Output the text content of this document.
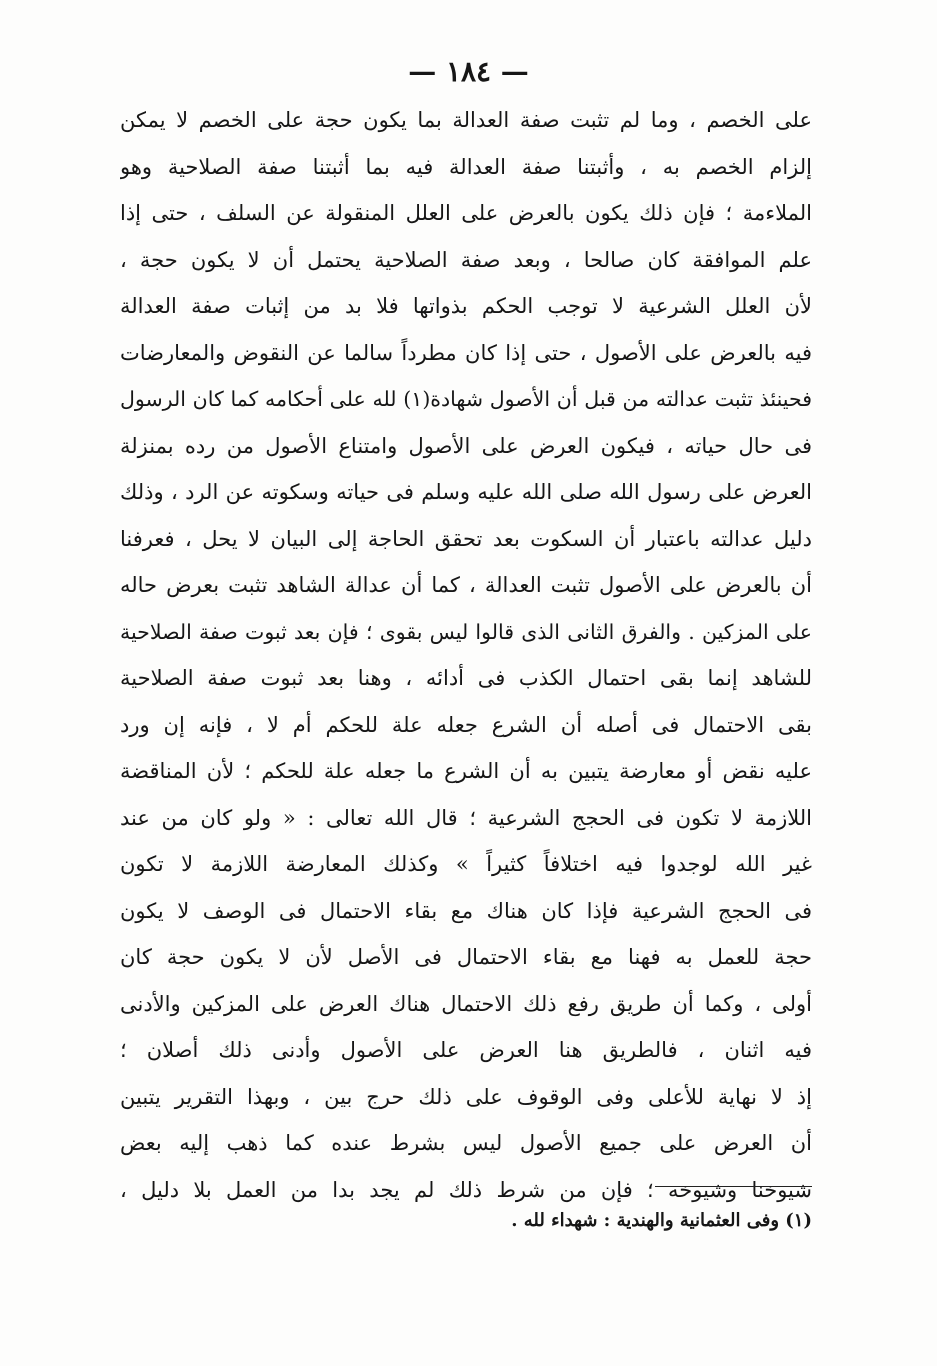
— ١٨٤ —
على الخصم ، وما لم تثبت صفة العدالة بما يكون حجة على الخصم لا يمكن
إلزام الخصم به ، وأثبتنا صفة العدالة فيه بما أثبتنا صفة الصلاحية وهو
الملاءمة ؛ فإن ذلك يكون بالعرض على العلل المنقولة عن السلف ، حتى إذا
علم الموافقة كان صالحا ، وبعد صفة الصلاحية يحتمل أن لا يكون حجة ،
لأن العلل الشرعية لا توجب الحكم بذواتها فلا بد من إثبات صفة العدالة
فيه بالعرض على الأصول ، حتى إذا كان مطرداً سالما عن النقوض والمعارضات
فحينئذ تثبت عدالته من قبل أن الأصول شهادة(١) لله على أحكامه كما كان الرسول
فى حال حياته ، فيكون العرض على الأصول وامتناع الأصول من رده بمنزلة
العرض على رسول الله صلى الله عليه وسلم فى حياته وسكوته عن الرد ، وذلك
دليل عدالته باعتبار أن السكوت بعد تحقق الحاجة إلى البيان لا يحل ، فعرفنا
أن بالعرض على الأصول تثبت العدالة ، كما أن عدالة الشاهد تثبت بعرض حاله
على المزكين . والفرق الثانى الذى قالوا ليس بقوى ؛ فإن بعد ثبوت صفة الصلاحية
للشاهد إنما بقى احتمال الكذب فى أدائه ، وهنا بعد ثبوت صفة الصلاحية
بقى الاحتمال فى أصله أن الشرع جعله علة للحكم أم لا ، فإنه إن ورد
عليه نقض أو معارضة يتبين به أن الشرع ما جعله علة للحكم ؛ لأن المناقضة
اللازمة لا تكون فى الحجج الشرعية ؛ قال الله تعالى : « ولو كان من عند
غير الله لوجدوا فيه اختلافاً كثيراً » وكذلك المعارضة اللازمة لا تكون
فى الحجج الشرعية فإذا كان هناك مع بقاء الاحتمال فى الوصف لا يكون
حجة للعمل به فهنا مع بقاء الاحتمال فى الأصل لأن لا يكون حجة كان
أولى ، وكما أن طريق رفع ذلك الاحتمال هناك العرض على المزكين والأدنى
فيه اثنان ، فالطريق هنا العرض على الأصول وأدنى ذلك أصلان ؛
إذ لا نهاية للأعلى وفى الوقوف على ذلك حرج بين ، وبهذا التقرير يتبين
أن العرض على جميع الأصول ليس بشرط عنده كما ذهب إليه بعض
شيوخنا وشيوخه ؛ فإن من شرط ذلك لم يجد بدا من العمل بلا دليل ،
(١) وفى العثمانية والهندية : شهداء لله .
